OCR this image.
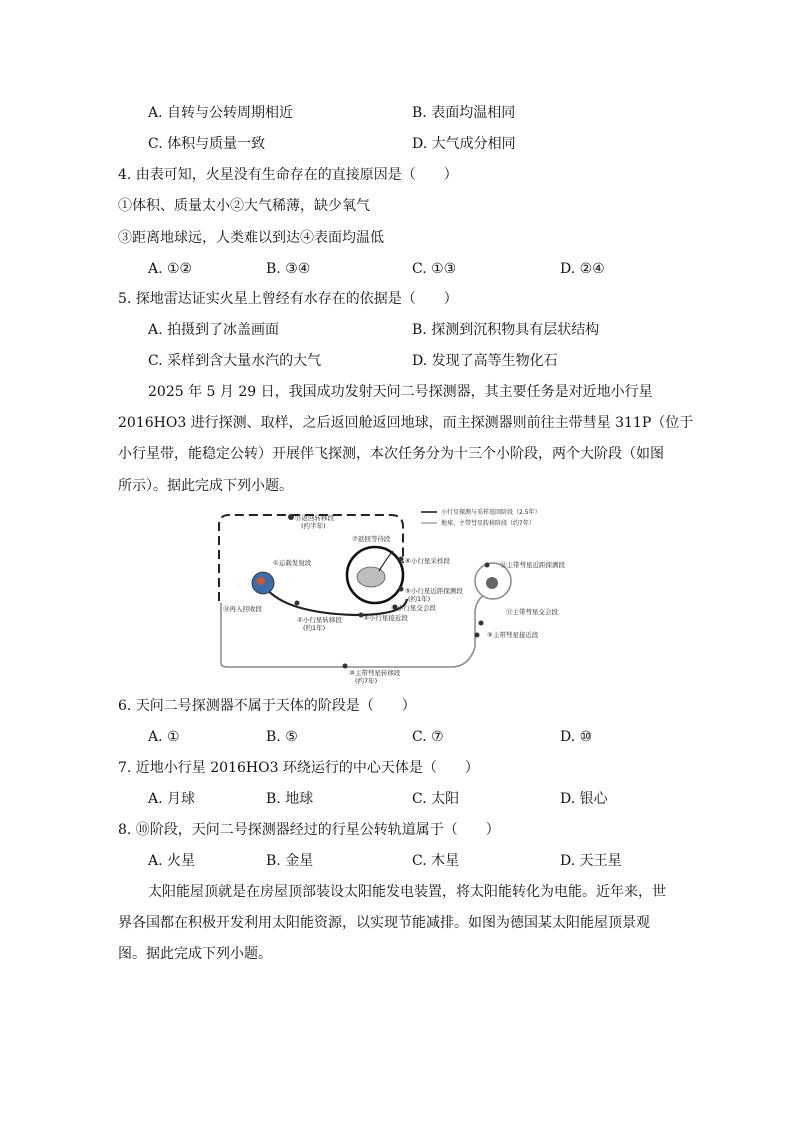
A. 自转与公转周期相近	B. 表面均温相同
C. 体积与质量一致	D. 大气成分相同
4. 由表可知，火星没有生命存在的直接原因是（　　）
①体积、质量太小②大气稀薄，缺少氧气
③距离地球远，人类难以到达④表面均温低
A. ①②	B. ③④	C. ①③	D. ②④
5. 探地雷达证实火星上曾经有水存在的依据是（　　）
A. 拍摄到了冰盖画面	B. 探测到沉积物具有层状结构
C. 采样到含大量水汽的大气	D. 发现了高等生物化石
2025 年 5 月 29 日，我国成功发射天问二号探测器，其主要任务是对近地小行星
2016HO3 进行探测、取样，之后返回舱返回地球，而主探测器则前往主带彗星 311P（位于
小行星带，能稳定公转）开展伴飞探测，本次任务分为十三个小阶段，两个大阶段（如图
所示）。据此完成下列小题。
小行星探测与采样返回阶段（2.5年）
地球、主带彗星转移阶段（约7年）
·
⑬返回转移段
(约半年)
⑦返回等待段
①运载发射段	⑥小行星采样段
⑤小行星近距探测段
(约1年)
④小行星交会段
③小行星接近段
②小行星转移段
(约1年)
⑭再入回收段
⑫主带彗星近距探测段
⑪主带彗星交会段
⑨主带彗星接近段
⑩主带彗星转移段
(约7年)
6. 天问二号探测器不属于天体的阶段是（　　）
A. ①	B. ⑤	C. ⑦	D. ⑩
7. 近地小行星 2016HO3 环绕运行的中心天体是（　　）
A. 月球	B. 地球	C. 太阳	D. 银心
8. ⑩阶段，天问二号探测器经过的行星公转轨道属于（　　）
A. 火星	B. 金星	C. 木星	D. 天王星
太阳能屋顶就是在房屋顶部装设太阳能发电装置，将太阳能转化为电能。近年来，世
界各国都在积极开发利用太阳能资源，以实现节能减排。如图为德国某太阳能屋顶景观
图。据此完成下列小题。
